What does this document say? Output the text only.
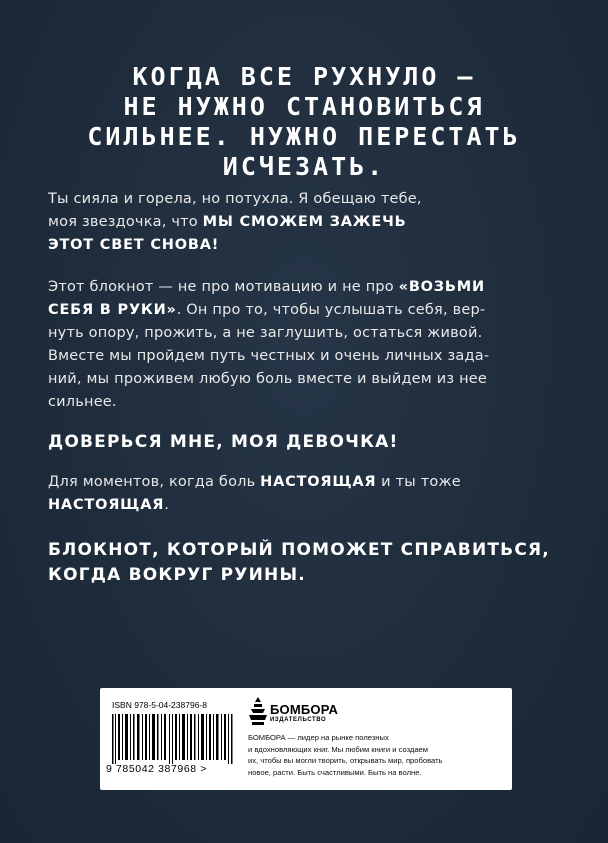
КОГДА ВСЕ РУХНУЛО —
НЕ НУЖНО СТАНОВИТЬСЯ
СИЛЬНЕЕ. НУЖНО ПЕРЕСТАТЬ
ИСЧЕЗАТЬ.
Ты сияла и горела, но потухла. Я обещаю тебе,
моя звездочка, что МЫ СМОЖЕМ ЗАЖЕЧЬ
ЭТОТ СВЕТ СНОВА!
Этот блокнот — не про мотивацию и не про «ВОЗЬМИ
СЕБЯ В РУКИ». Он про то, чтобы услышать себя, вер-
нуть опору, прожить, а не заглушить, остаться живой.
Вместе мы пройдем путь честных и очень личных зада-
ний, мы проживем любую боль вместе и выйдем из нее
сильнее.
ДОВЕРЬСЯ МНЕ, МОЯ ДЕВОЧКА!
Для моментов, когда боль НАСТОЯЩАЯ и ты тоже
НАСТОЯЩАЯ.
БЛОКНОТ, КОТОРЫЙ ПОМОЖЕТ СПРАВИТЬСЯ,
КОГДА ВОКРУГ РУИНЫ.
ISBN 978-5-04-238796-8
9 785042 387968 >
БОМБОРА
ИЗДАТЕЛЬСТВО
БОМБОРА — лидер на рынке полезных
и вдохновляющих книг. Мы любим книги и создаем
их, чтобы вы могли творить, открывать мир, пробовать
новое, расти. Быть счастливыми. Быть на волне.
